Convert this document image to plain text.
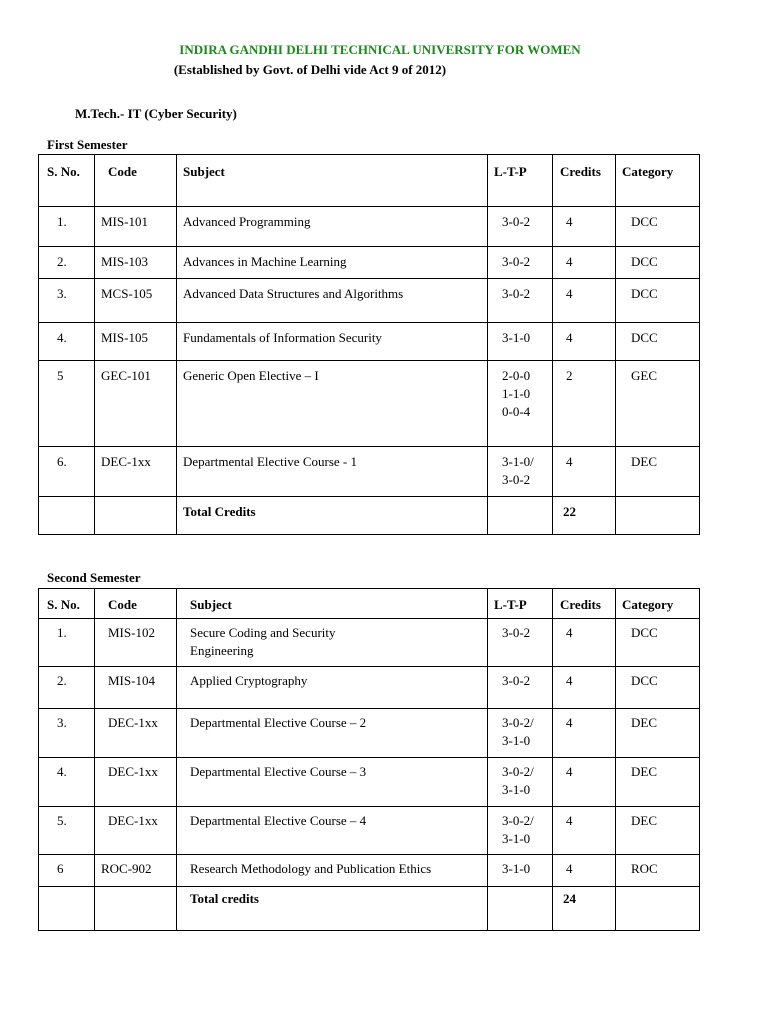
INDIRA GANDHI DELHI TECHNICAL UNIVERSITY FOR WOMEN

(Established by Govt. of Delhi vide Act 9 of 2012)

M.Tech.- IT (Cyber Security)

First Semester

S. No.	Code	Subject	L-T-P	Credits	Category

1.	MIS-101	Advanced Programming	3-0-2	4	DCC

2.	MIS-103	Advances in Machine Learning	3-0-2	4	DCC

3.	MCS-105	Advanced Data Structures and Algorithms	3-0-2	4	DCC

4.	MIS-105	Fundamentals of Information Security	3-1-0	4	DCC

5	GEC-101	Generic Open Elective – I	2-0-0
1-1-0
0-0-4	2	GEC

6.	DEC-1xx	Departmental Elective Course - 1	3-1-0/
3-0-2	4	DEC

		Total Credits		22	

Second Semester

S. No.	Code	Subject	L-T-P	Credits	Category

1.	MIS-102	Secure Coding and Security
Engineering	3-0-2	4	DCC

2.	MIS-104	Applied Cryptography	3-0-2	4	DCC

3.	DEC-1xx	Departmental Elective Course – 2	3-0-2/
3-1-0	4	DEC

4.	DEC-1xx	Departmental Elective Course – 3	3-0-2/
3-1-0	4	DEC

5.	DEC-1xx	Departmental Elective Course – 4	3-0-2/
3-1-0	4	DEC

6	ROC-902	Research Methodology and Publication Ethics	3-1-0	4	ROC

		Total credits		24	
